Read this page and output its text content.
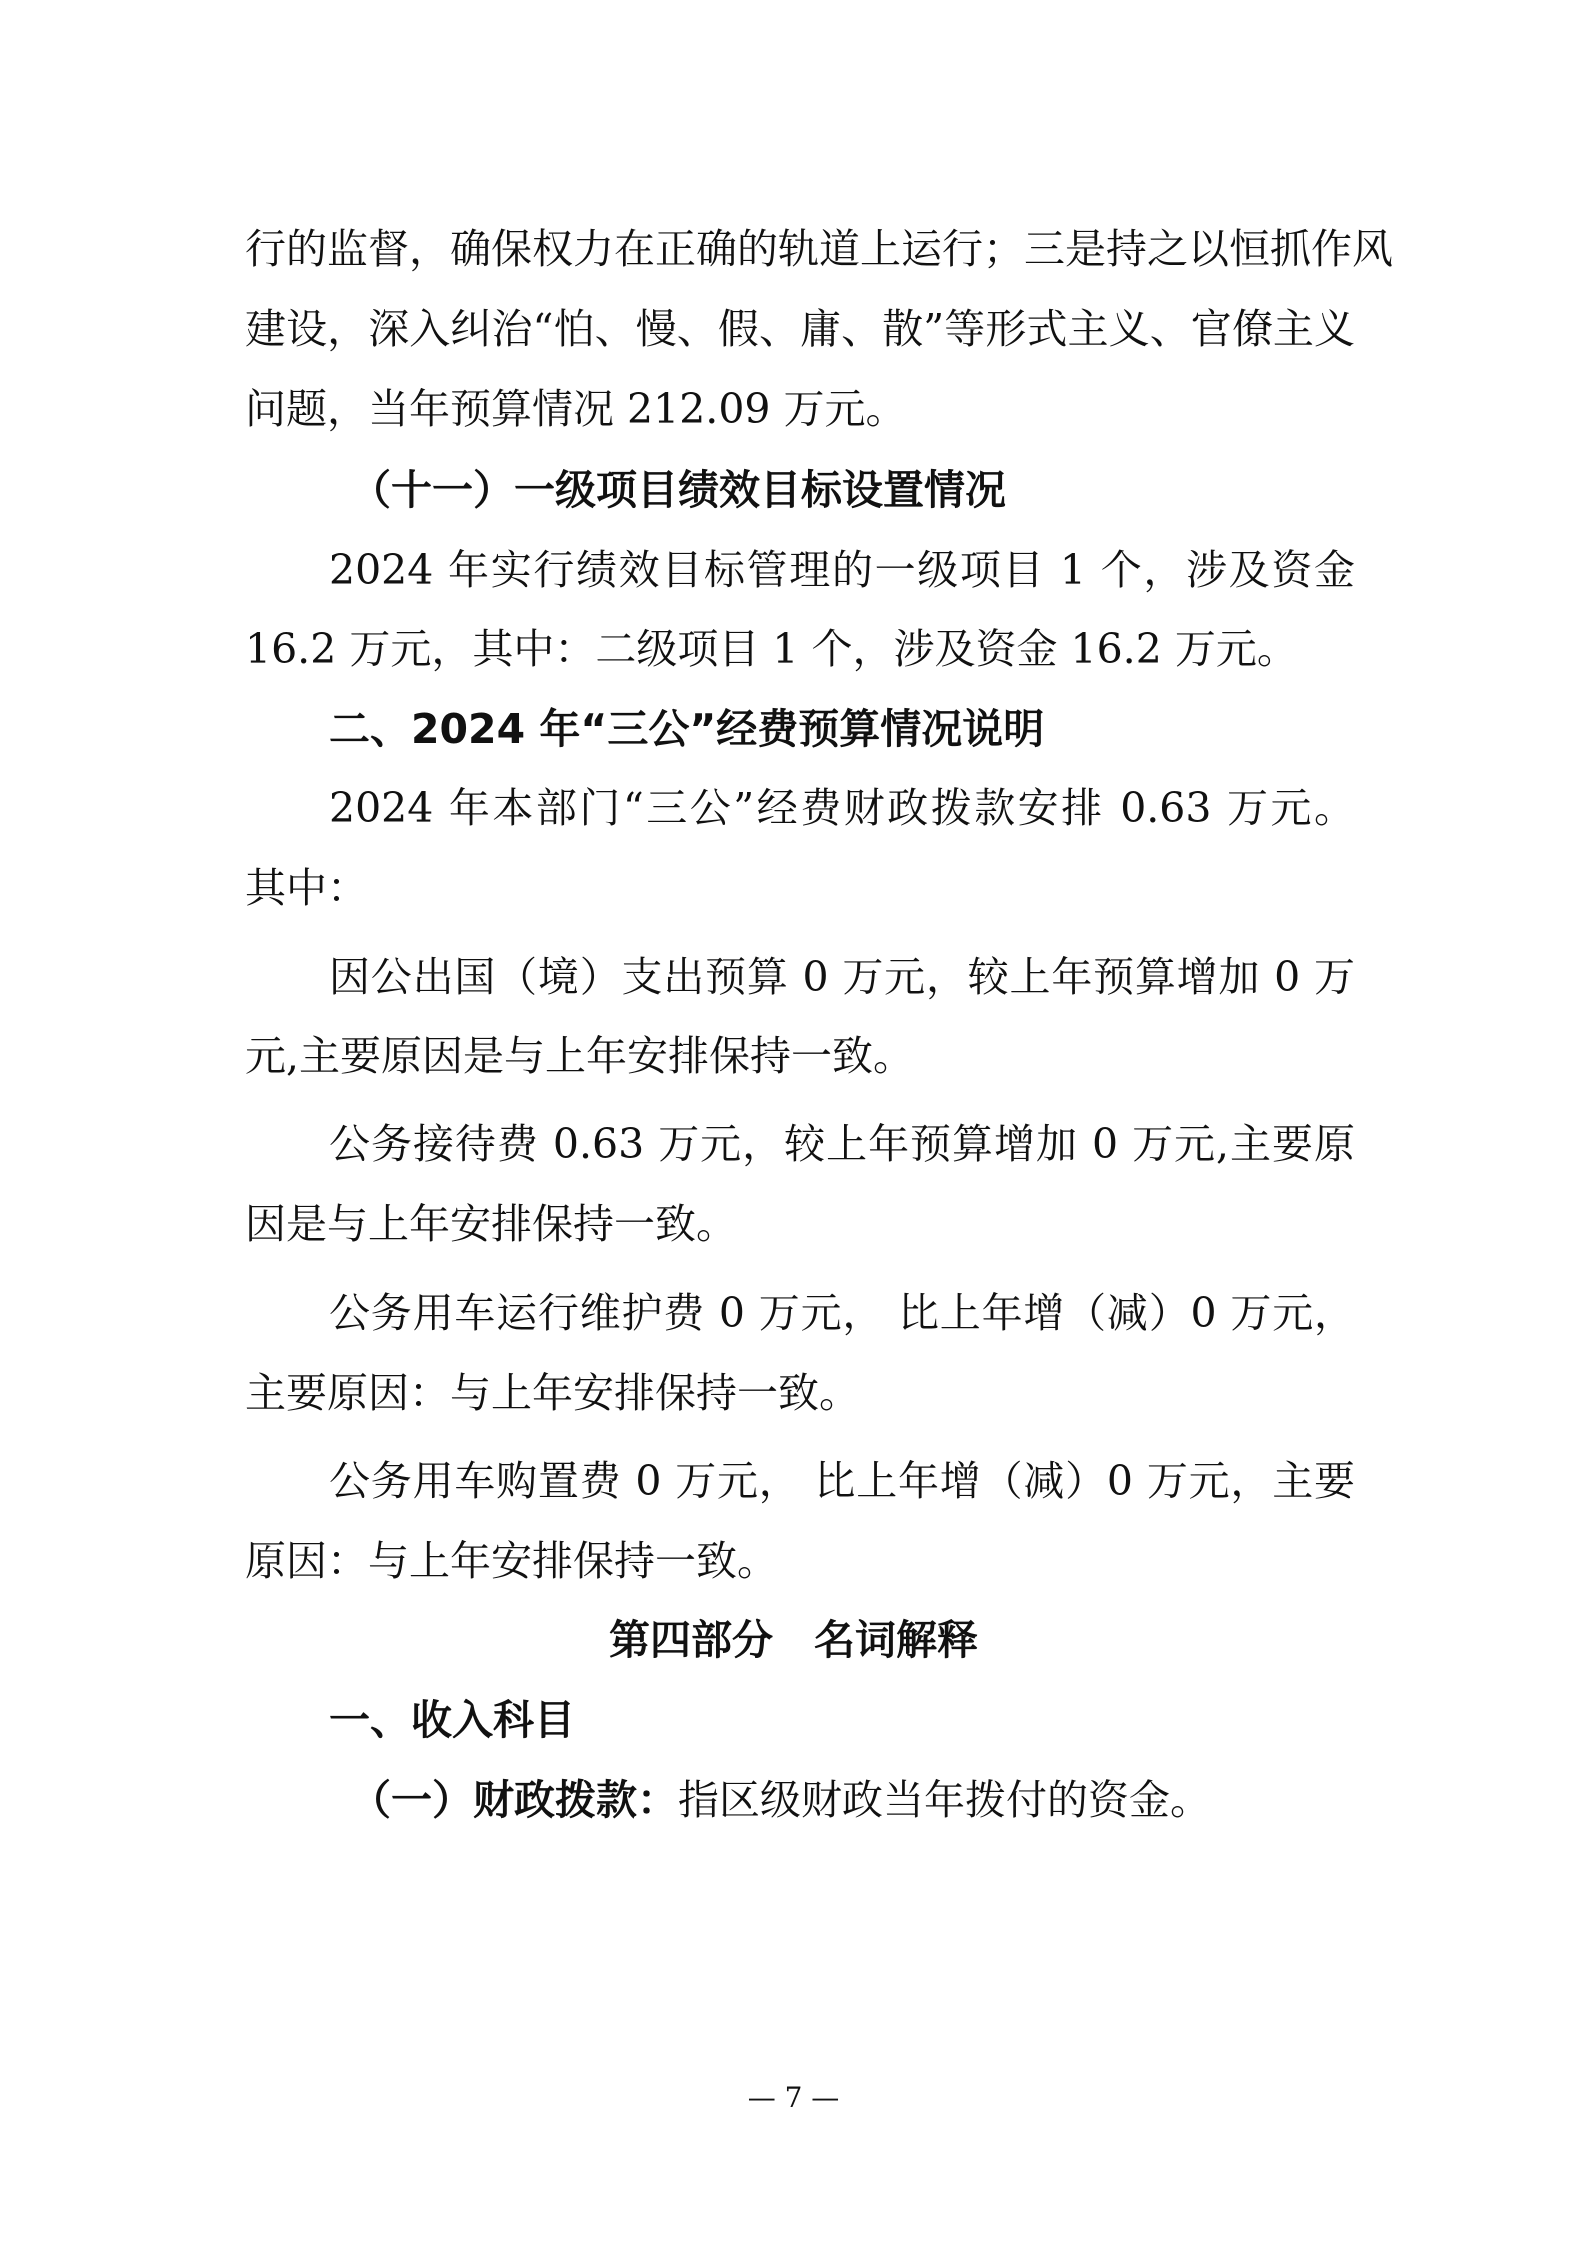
行的监督，确保权力在正确的轨道上运行；三是持之以恒抓作风
建设，深入纠治“怕、慢、假、庸、散”等形式主义、官僚主义
问题，当年预算情况 212.09 万元。
（十一）一级项目绩效目标设置情况
2024 年实行绩效目标管理的一级项目 1 个，涉及资金
16.2 万元，其中：二级项目 1 个，涉及资金 16.2 万元。
二、2024 年“三公”经费预算情况说明
2024 年本部门“三公”经费财政拨款安排 0.63 万元。
其中：
因公出国（境）支出预算 0 万元，较上年预算增加 0 万
元,主要原因是与上年安排保持一致。
公务接待费 0.63 万元，较上年预算增加 0 万元,主要原
因是与上年安排保持一致。
公务用车运行维护费 0 万元， 比上年增（减）0 万元，
主要原因：与上年安排保持一致。
公务用车购置费 0 万元， 比上年增（减）0 万元，主要
原因：与上年安排保持一致。
第四部分　名词解释
一、收入科目
（一）财政拨款：指区级财政当年拨付的资金。
— 7 —
